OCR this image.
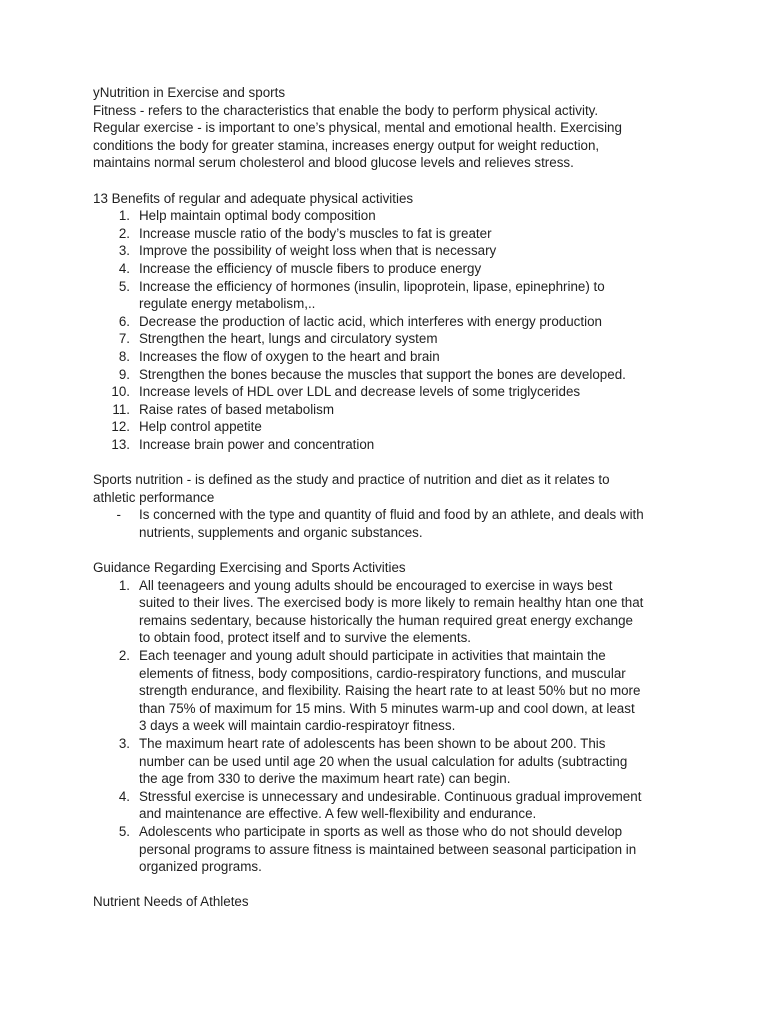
yNutrition in Exercise and sports

Fitness - refers to the characteristics that enable the body to perform physical activity.

Regular exercise - is important to one’s physical, mental and emotional health. Exercising

conditions the body for greater stamina, increases energy output for weight reduction,

maintains normal serum cholesterol and blood glucose levels and relieves stress.

13 Benefits of regular and adequate physical activities

1. Help maintain optimal body composition
2. Increase muscle ratio of the body’s muscles to fat is greater
3. Improve the possibility of weight loss when that is necessary
4. Increase the efficiency of muscle fibers to produce energy
5. Increase the efficiency of hormones (insulin, lipoprotein, lipase, epinephrine) to
regulate energy metabolism,..
6. Decrease the production of lactic acid, which interferes with energy production
7. Strengthen the heart, lungs and circulatory system
8. Increases the flow of oxygen to the heart and brain
9. Strengthen the bones because the muscles that support the bones are developed.
10. Increase levels of HDL over LDL and decrease levels of some triglycerides
11. Raise rates of based metabolism
12. Help control appetite
13. Increase brain power and concentration

Sports nutrition - is defined as the study and practice of nutrition and diet as it relates to

athletic performance

- Is concerned with the type and quantity of fluid and food by an athlete, and deals with
nutrients, supplements and organic substances.

Guidance Regarding Exercising and Sports Activities

1. All teenageers and young adults should be encouraged to exercise in ways best
suited to their lives. The exercised body is more likely to remain healthy htan one that
remains sedentary, because historically the human required great energy exchange
to obtain food, protect itself and to survive the elements.
2. Each teenager and young adult should participate in activities that maintain the
elements of fitness, body compositions, cardio-respiratory functions, and muscular
strength endurance, and flexibility. Raising the heart rate to at least 50% but no more
than 75% of maximum for 15 mins. With 5 minutes warm-up and cool down, at least
3 days a week will maintain cardio-respiratoyr fitness.
3. The maximum heart rate of adolescents has been shown to be about 200. This
number can be used until age 20 when the usual calculation for adults (subtracting
the age from 330 to derive the maximum heart rate) can begin.
4. Stressful exercise is unnecessary and undesirable. Continuous gradual improvement
and maintenance are effective. A few well-flexibility and endurance.
5. Adolescents who participate in sports as well as those who do not should develop
personal programs to assure fitness is maintained between seasonal participation in
organized programs.

Nutrient Needs of Athletes
